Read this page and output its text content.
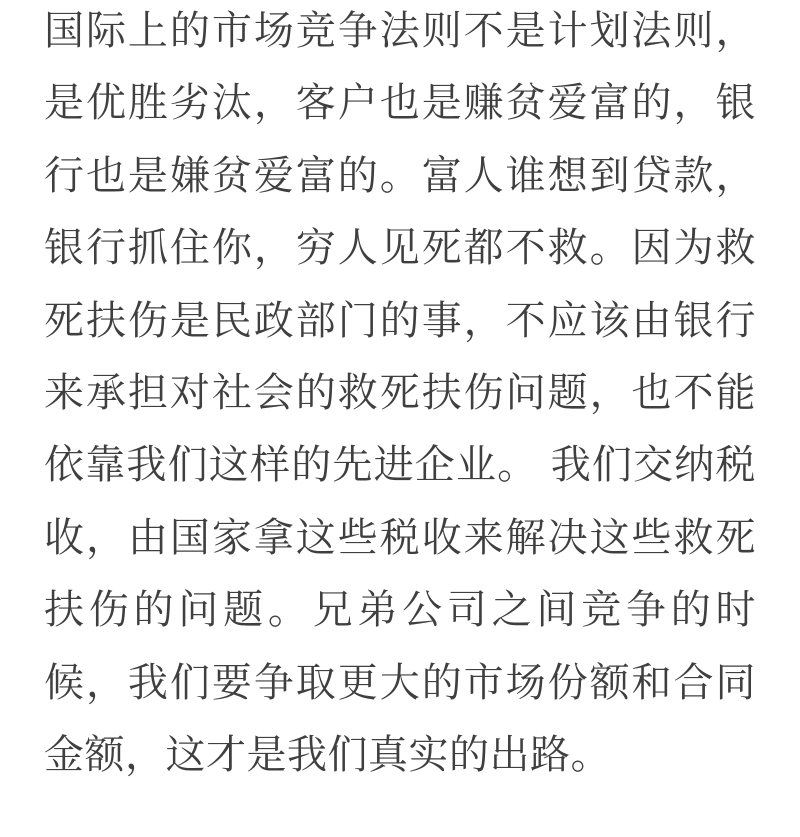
国际上的市场竞争法则不是计划法则，
是优胜劣汰，客户也是赚贫爱富的，银
行也是嫌贫爱富的。富人谁想到贷款，
银行抓住你，穷人见死都不救。因为救
死扶伤是民政部门的事，不应该由银行
来承担对社会的救死扶伤问题，也不能
依靠我们这样的先进企业。 我们交纳税
收，由国家拿这些税收来解决这些救死
扶伤的问题。兄弟公司之间竞争的时
候，我们要争取更大的市场份额和合同
金额，这才是我们真实的出路。
